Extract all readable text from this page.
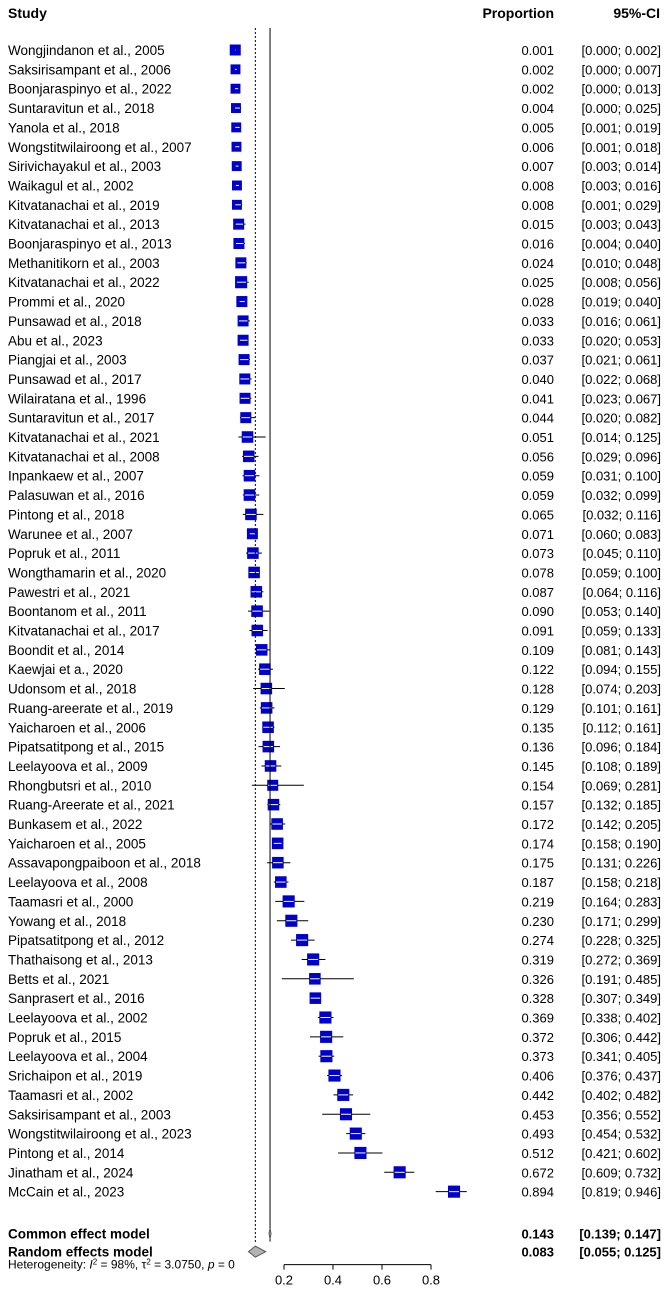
Study	Proportion	95%-CI
Wongjindanon et al., 2005	0.001 [0.000; 0.002]
Saksirisampant et al., 2006	0.002 [0.000; 0.007]
Boonjaraspinyo et al., 2022	0.002 [0.000; 0.013]
Suntaravitun et al., 2018	0.004 [0.000; 0.025]
Yanola et al., 2018	0.005 [0.001; 0.019]
Wongstitwilairoong et al., 2007	0.006 [0.001; 0.018]
Sirivichayakul et al., 2003	0.007 [0.003; 0.014]
Waikagul et al., 2002	0.008 [0.003; 0.016]
Kitvatanachai et al., 2019	0.008 [0.001; 0.029]
Kitvatanachai et al., 2013	0.015 [0.003; 0.043]
Boonjaraspinyo et al., 2013	0.016 [0.004; 0.040]
Methanitikorn et al., 2003	0.024 [0.010; 0.048]
Kitvatanachai et al., 2022	0.025 [0.008; 0.056]
Prommi et al., 2020	0.028 [0.019; 0.040]
Punsawad et al., 2018	0.033 [0.016; 0.061]
Abu et al., 2023	0.033 [0.020; 0.053]
Piangjai et al., 2003	0.037 [0.021; 0.061]
Punsawad et al., 2017	0.040 [0.022; 0.068]
Wilairatana et al., 1996	0.041 [0.023; 0.067]
Suntaravitun et al., 2017	0.044 [0.020; 0.082]
Kitvatanachai et al., 2021	0.051 [0.014; 0.125]
Kitvatanachai et al., 2008	0.056 [0.029; 0.096]
Inpankaew et al., 2007	0.059 [0.031; 0.100]
Palasuwan et al., 2016	0.059 [0.032; 0.099]
Pintong et al., 2018	0.065 [0.032; 0.116]
Warunee et al., 2007	0.071 [0.060; 0.083]
Popruk et al., 2011	0.073 [0.045; 0.110]
Wongthamarin et al., 2020	0.078 [0.059; 0.100]
Pawestri et al., 2021	0.087 [0.064; 0.116]
Boontanom et al., 2011	0.090 [0.053; 0.140]
Kitvatanachai et al., 2017	0.091 [0.059; 0.133]
Boondit et al., 2014	0.109 [0.081; 0.143]
Kaewjai et a., 2020	0.122 [0.094; 0.155]
Udonsom et al., 2018	0.128 [0.074; 0.203]
Ruang-areerate et al., 2019	0.129 [0.101; 0.161]
Yaicharoen et al., 2006	0.135 [0.112; 0.161]
Pipatsatitpong et al., 2015	0.136 [0.096; 0.184]
Leelayoova et al., 2009	0.145 [0.108; 0.189]
Rhongbutsri et al., 2010	0.154 [0.069; 0.281]
Ruang-Areerate et al., 2021	0.157 [0.132; 0.185]
Bunkasem et al., 2022	0.172 [0.142; 0.205]
Yaicharoen et al., 2005	0.174 [0.158; 0.190]
Assavapongpaiboon et al., 2018	0.175 [0.131; 0.226]
Leelayoova et al., 2008	0.187 [0.158; 0.218]
Taamasri et al., 2000	0.219 [0.164; 0.283]
Yowang et al., 2018	0.230 [0.171; 0.299]
Pipatsatitpong et al., 2012	0.274 [0.228; 0.325]
Thathaisong et al., 2013	0.319 [0.272; 0.369]
Betts et al., 2021	0.326 [0.191; 0.485]
Sanprasert et al., 2016	0.328 [0.307; 0.349]
Leelayoova et al., 2002	0.369 [0.338; 0.402]
Popruk et al., 2015	0.372 [0.306; 0.442]
Leelayoova et al., 2004	0.373 [0.341; 0.405]
Srichaipon et al., 2019	0.406 [0.376; 0.437]
Taamasri et al., 2002	0.442 [0.402; 0.482]
Saksirisampant et al., 2003	0.453 [0.356; 0.552]
Wongstitwilairoong et al., 2023	0.493 [0.454; 0.532]
Pintong et al., 2014	0.512 [0.421; 0.602]
Jinatham et al., 2024	0.672 [0.609; 0.732]
McCain et al., 2023	0.894 [0.819; 0.946]
Common effect model	0.143 [0.139; 0.147]
Random effects model	0.083 [0.055; 0.125]
0.2 0.4 0.6 0.8
Heterogeneity: $I^2 = 98\%$, $\tau^2 = 3.0750$, p = 0
